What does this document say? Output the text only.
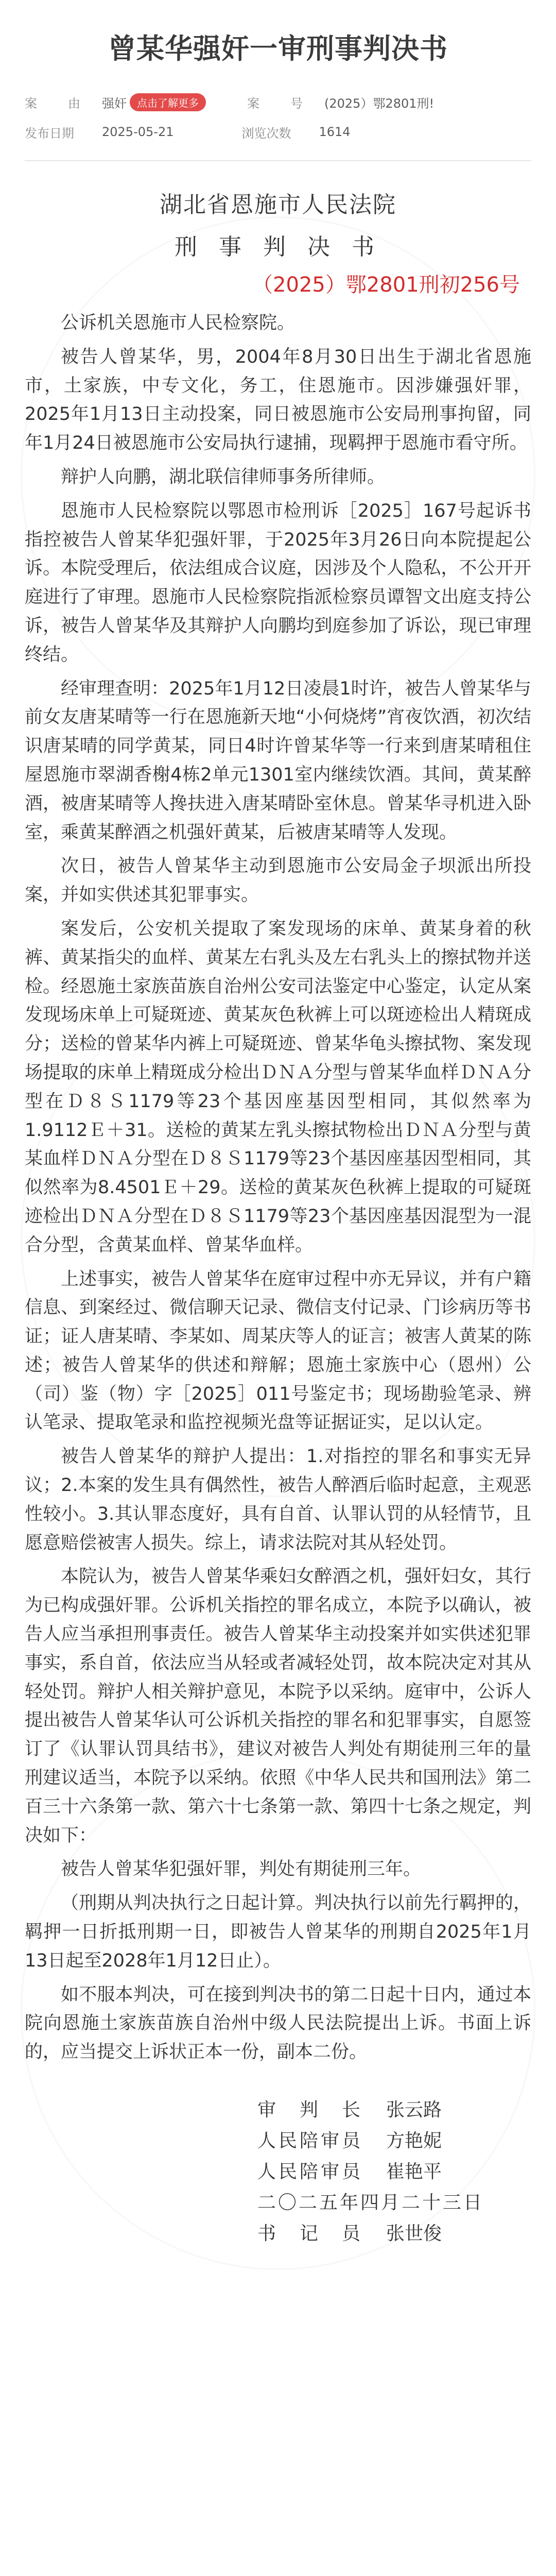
曾某华强奸一审刑事判决书
案　由	强奸	点击了解更多	案　号	(2025）鄂2801刑!
发布日期	2025-05-21	浏览次数	1614
湖北省恩施市人民法院
刑 事 判 决 书
（2025）鄂2801刑初256号

公诉机关恩施市人民检察院。

被告人曾某华，男，2004年8月30日出生于湖北省恩施市，土家族，中专文化，务工，住恩施市。因涉嫌强奸罪，2025年1月13日主动投案，同日被恩施市公安局刑事拘留，同年1月24日被恩施市公安局执行逮捕，现羁押于恩施市看守所。

辩护人向鹏，湖北联信律师事务所律师。

恩施市人民检察院以鄂恩市检刑诉［2025］167号起诉书指控被告人曾某华犯强奸罪，于2025年3月26日向本院提起公诉。本院受理后，依法组成合议庭，因涉及个人隐私，不公开开庭进行了审理。恩施市人民检察院指派检察员谭智文出庭支持公诉，被告人曾某华及其辩护人向鹏均到庭参加了诉讼，现已审理终结。

经审理查明：2025年1月12日凌晨1时许，被告人曾某华与前女友唐某晴等一行在恩施新天地“小何烧烤”宵夜饮酒，初次结识唐某晴的同学黄某，同日4时许曾某华等一行来到唐某晴租住屋恩施市翠湖香榭4栋2单元1301室内继续饮酒。其间，黄某醉酒，被唐某晴等人搀扶进入唐某晴卧室休息。曾某华寻机进入卧室，乘黄某醉酒之机强奸黄某，后被唐某晴等人发现。

次日，被告人曾某华主动到恩施市公安局金子坝派出所投案，并如实供述其犯罪事实。

案发后，公安机关提取了案发现场的床单、黄某身着的秋裤、黄某指尖的血样、黄某左右乳头及左右乳头上的擦拭物并送检。经恩施土家族苗族自治州公安司法鉴定中心鉴定，认定从案发现场床单上可疑斑迹、黄某灰色秋裤上可以斑迹检出人精斑成分；送检的曾某华内裤上可疑斑迹、曾某华龟头擦拭物、案发现场提取的床单上精斑成分检出ＤＮＡ分型与曾某华血样ＤＮＡ分型在Ｄ８Ｓ1179等23个基因座基因型相同，其似然率为1.9112Ｅ＋31。送检的黄某左乳头擦拭物检出ＤＮＡ分型与黄某血样ＤＮＡ分型在Ｄ８Ｓ1179等23个基因座基因型相同，其似然率为8.4501Ｅ＋29。送检的黄某灰色秋裤上提取的可疑斑迹检出ＤＮＡ分型在Ｄ８Ｓ1179等23个基因座基因混型为一混合分型，含黄某血样、曾某华血样。

上述事实，被告人曾某华在庭审过程中亦无异议，并有户籍信息、到案经过、微信聊天记录、微信支付记录、门诊病历等书证；证人唐某晴、李某如、周某庆等人的证言；被害人黄某的陈述；被告人曾某华的供述和辩解；恩施土家族中心（恩州）公（司）鉴（物）字［2025］011号鉴定书；现场勘验笔录、辨认笔录、提取笔录和监控视频光盘等证据证实，足以认定。

被告人曾某华的辩护人提出：1.对指控的罪名和事实无异议；2.本案的发生具有偶然性，被告人醉酒后临时起意，主观恶性较小。3.其认罪态度好，具有自首、认罪认罚的从轻情节，且愿意赔偿被害人损失。综上，请求法院对其从轻处罚。

本院认为，被告人曾某华乘妇女醉酒之机，强奸妇女，其行为已构成强奸罪。公诉机关指控的罪名成立，本院予以确认，被告人应当承担刑事责任。被告人曾某华主动投案并如实供述犯罪事实，系自首，依法应当从轻或者减轻处罚，故本院决定对其从轻处罚。辩护人相关辩护意见，本院予以采纳。庭审中，公诉人提出被告人曾某华认可公诉机关指控的罪名和犯罪事实，自愿签订了《认罪认罚具结书》，建议对被告人判处有期徒刑三年的量刑建议适当，本院予以采纳。依照《中华人民共和国刑法》第二百三十六条第一款、第六十七条第一款、第四十七条之规定，判决如下：

被告人曾某华犯强奸罪，判处有期徒刑三年。

（刑期从判决执行之日起计算。判决执行以前先行羁押的，羁押一日折抵刑期一日，即被告人曾某华的刑期自2025年1月13日起至2028年1月12日止）。

如不服本判决，可在接到判决书的第二日起十日内，通过本院向恩施土家族苗族自治州中级人民法院提出上诉。书面上诉的，应当提交上诉状正本一份，副本二份。

审判长 张云路
人民陪审员 方艳妮
人民陪审员 崔艳平
二〇二五年四月二十三日
书记员 张世俊
